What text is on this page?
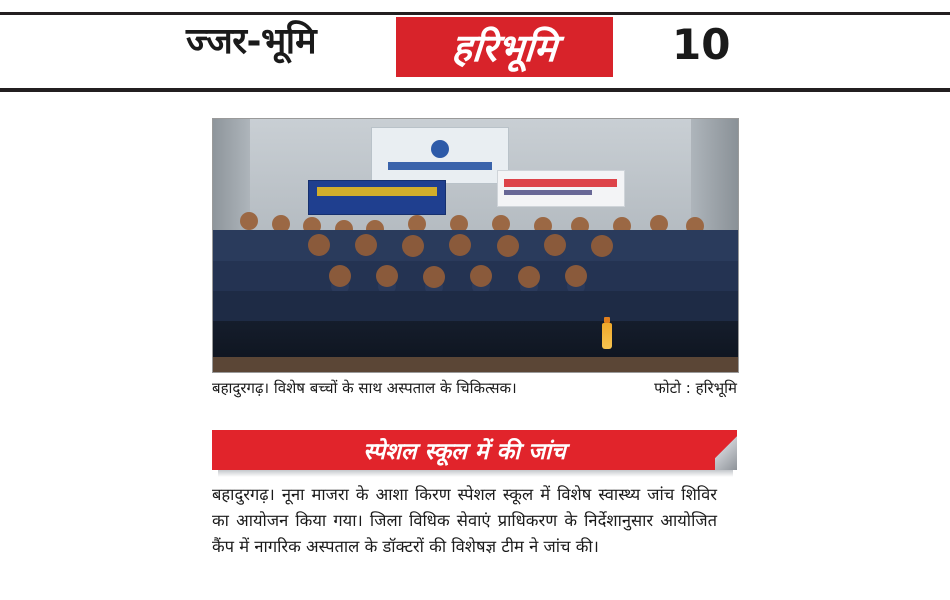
ज्जर-भूमि	हरिभूमि	10
बहादुरगढ़। विशेष बच्चों के साथ अस्पताल के चिकित्सक।	फोटो : हरिभूमि
स्पेशल स्कूल में की जांच

बहादुरगढ़। नूना माजरा के आशा किरण स्पेशल स्कूल में विशेष स्वास्थ्य जांच शिविर का आयोजन किया गया। जिला विधिक सेवाएं प्राधिकरण के निर्देशानुसार आयोजित कैंप में नागरिक अस्पताल के डॉक्टरों की विशेषज्ञ टीम ने जांच की।
